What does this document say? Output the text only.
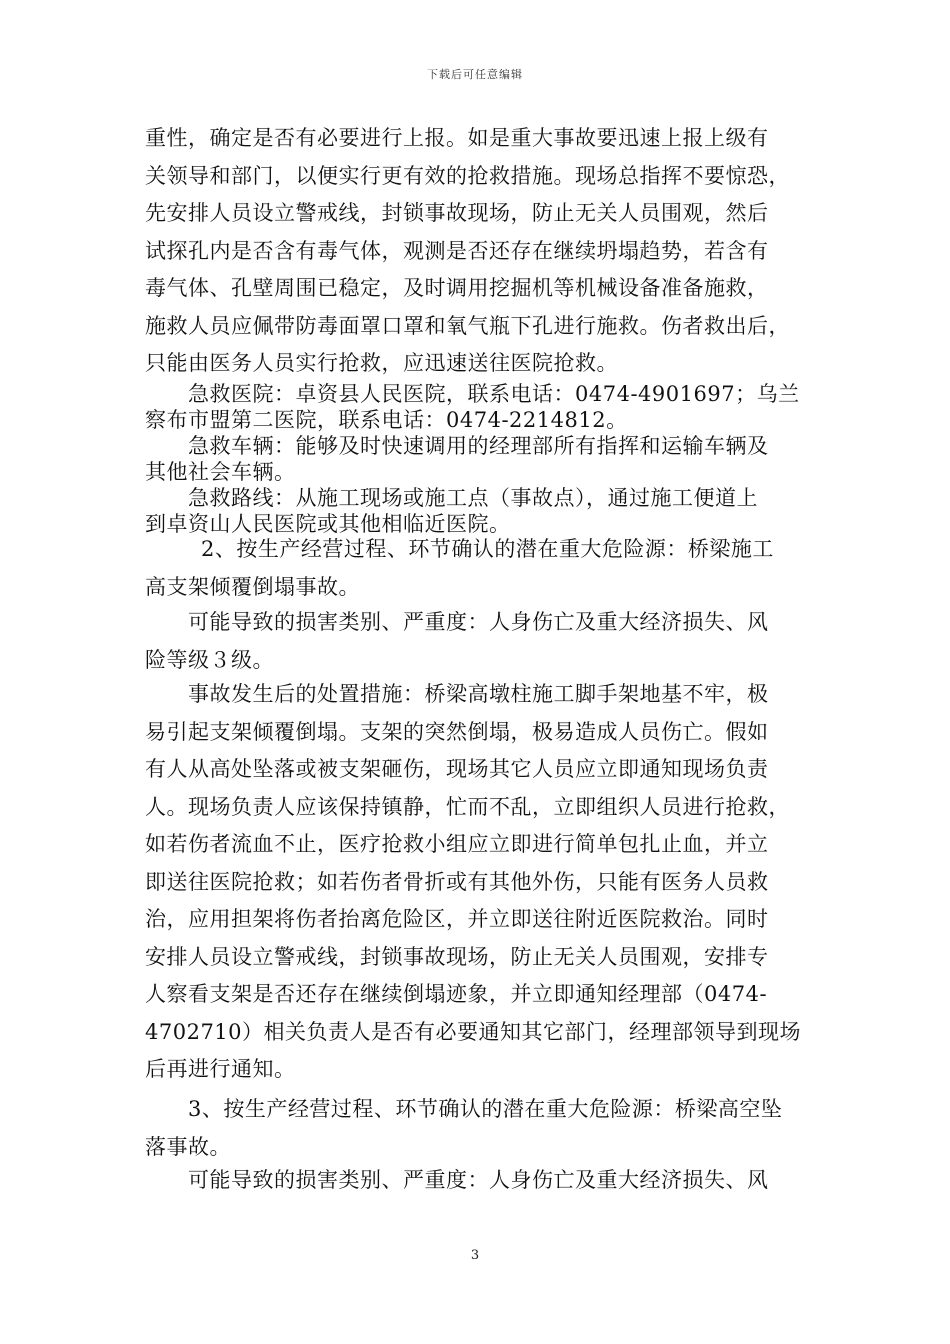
下载后可任意编辑
重性，确定是否有必要进行上报。如是重大事故要迅速上报上级有
关领导和部门，以便实行更有效的抢救措施。现场总指挥不要惊恐，
先安排人员设立警戒线，封锁事故现场，防止无关人员围观，然后
试探孔内是否含有毒气体，观测是否还存在继续坍塌趋势，若含有
毒气体、孔壁周围已稳定，及时调用挖掘机等机械设备准备施救，
施救人员应佩带防毒面罩口罩和氧气瓶下孔进行施救。伤者救出后，
只能由医务人员实行抢救，应迅速送往医院抢救。
急救医院：卓资县人民医院，联系电话：0474-4901697；乌兰
察布市盟第二医院，联系电话：0474-2214812。
急救车辆：能够及时快速调用的经理部所有指挥和运输车辆及
其他社会车辆。
急救路线：从施工现场或施工点（事故点），通过施工便道上
到卓资山人民医院或其他相临近医院。
2、按生产经营过程、环节确认的潜在重大危险源：桥梁施工
高支架倾覆倒塌事故。
可能导致的损害类别、严重度：人身伤亡及重大经济损失、风
险等级３级。
事故发生后的处置措施：桥梁高墩柱施工脚手架地基不牢，极
易引起支架倾覆倒塌。支架的突然倒塌，极易造成人员伤亡。假如
有人从高处坠落或被支架砸伤，现场其它人员应立即通知现场负责
人。现场负责人应该保持镇静，忙而不乱，立即组织人员进行抢救，
如若伤者流血不止，医疗抢救小组应立即进行简单包扎止血，并立
即送往医院抢救；如若伤者骨折或有其他外伤，只能有医务人员救
治，应用担架将伤者抬离危险区，并立即送往附近医院救治。同时
安排人员设立警戒线，封锁事故现场，防止无关人员围观，安排专
人察看支架是否还存在继续倒塌迹象，并立即通知经理部（0474-
4702710）相关负责人是否有必要通知其它部门，经理部领导到现场
后再进行通知。
3、按生产经营过程、环节确认的潜在重大危险源：桥梁高空坠
落事故。
可能导致的损害类别、严重度：人身伤亡及重大经济损失、风
3
